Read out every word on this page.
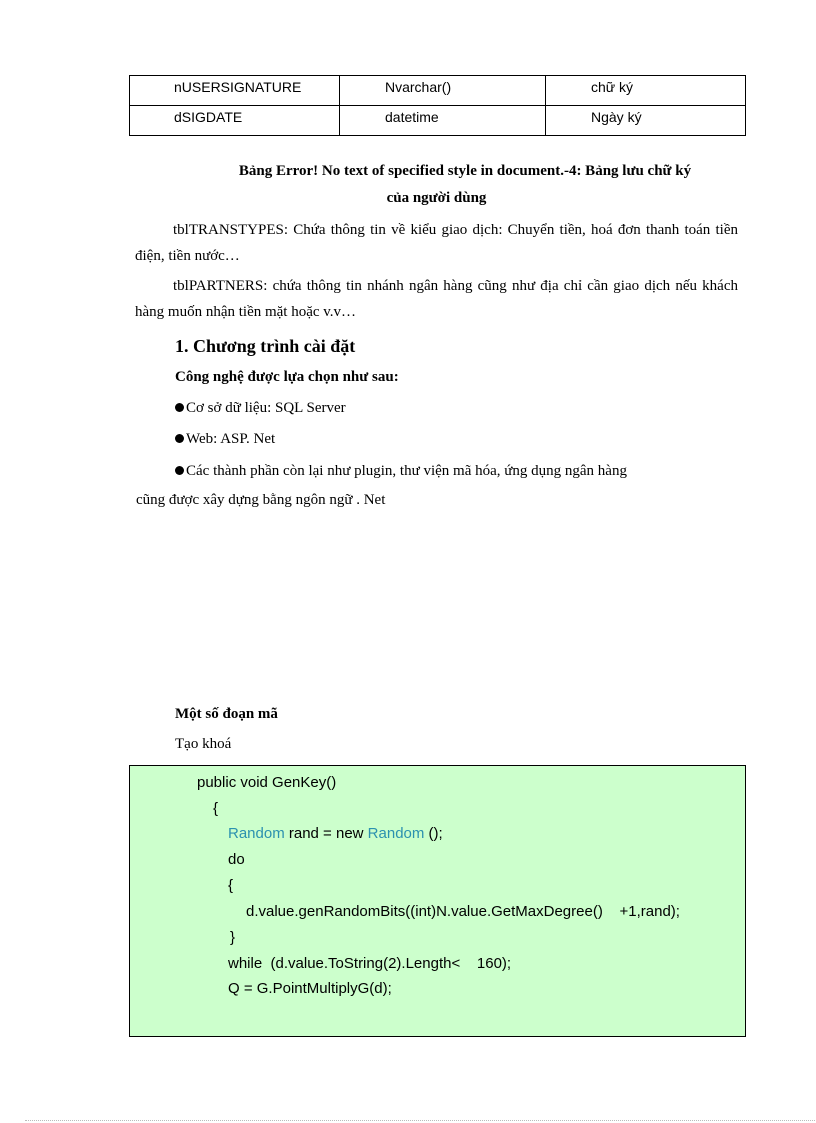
nUSERSIGNATURE	Nvarchar()	chữ ký

dSIGDATE	datetime	Ngày ký
Bảng Error! No text of specified style in document.-4: Bảng lưu chữ ký
của người dùng
tblTRANSTYPES: Chứa thông tin về kiểu giao dịch: Chuyển tiền, hoá đơn thanh toán tiền điện, tiền nước…
tblPARTNERS: chứa thông tin nhánh ngân hàng cũng như địa chỉ cần giao dịch nếu khách hàng muốn nhận tiền mặt hoặc v.v…
1. Chương trình cài đặt
Công nghệ được lựa chọn như sau:
Cơ sở dữ liệu: SQL Server
Web: ASP. Net
Các thành phần còn lại như plugin, thư viện mã hóa, ứng dụng ngân hàng
cũng được xây dựng bằng ngôn ngữ . Net
Một số đoạn mã
Tạo khoá
public void GenKey()
{
Random rand = new Random ();
do
{
d.value.genRandomBits((int)N.value.GetMaxDegree()    +1,rand);
}
while  (d.value.ToString(2).Length<    160);
Q = G.PointMultiplyG(d);
